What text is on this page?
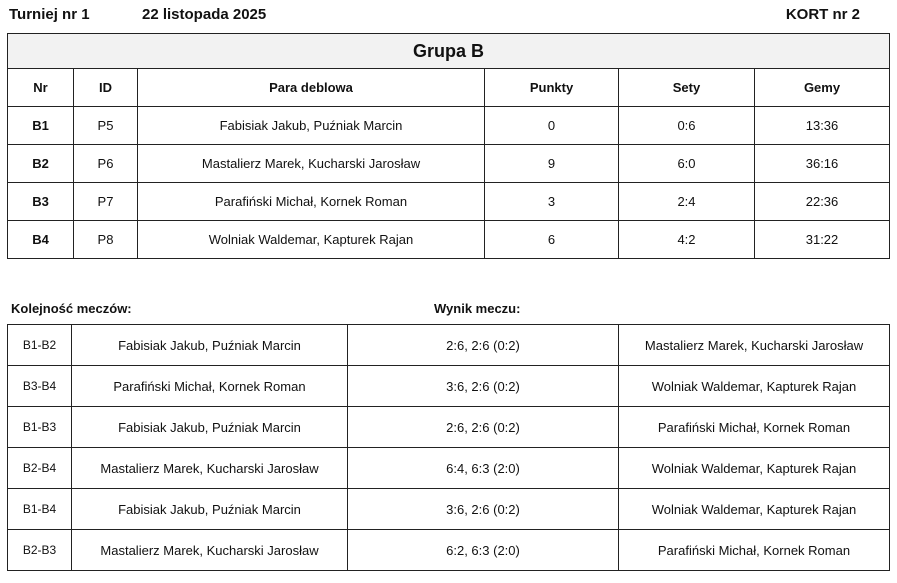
Turniej nr 1	22 listopada 2025	KORT nr 2
Grupa B					
Nr	ID	Para deblowa	Punkty	Sety	Gemy
B1	P5	Fabisiak Jakub, Puźniak Marcin	0	0:6	13:36
B2	P6	Mastalierz Marek, Kucharski Jarosław	9	6:0	36:16
B3	P7	Parafiński Michał, Kornek Roman	3	2:4	22:36
B4	P8	Wolniak Waldemar, Kapturek Rajan	6	4:2	31:22
Kolejność meczów:	Wynik meczu:
B1-B2	Fabisiak Jakub, Puźniak Marcin	2:6, 2:6 (0:2)	Mastalierz Marek, Kucharski Jarosław
B3-B4	Parafiński Michał, Kornek Roman	3:6, 2:6 (0:2)	Wolniak Waldemar, Kapturek Rajan
B1-B3	Fabisiak Jakub, Puźniak Marcin	2:6, 2:6 (0:2)	Parafiński Michał, Kornek Roman
B2-B4	Mastalierz Marek, Kucharski Jarosław	6:4, 6:3 (2:0)	Wolniak Waldemar, Kapturek Rajan
B1-B4	Fabisiak Jakub, Puźniak Marcin	3:6, 2:6 (0:2)	Wolniak Waldemar, Kapturek Rajan
B2-B3	Mastalierz Marek, Kucharski Jarosław	6:2, 6:3 (2:0)	Parafiński Michał, Kornek Roman
